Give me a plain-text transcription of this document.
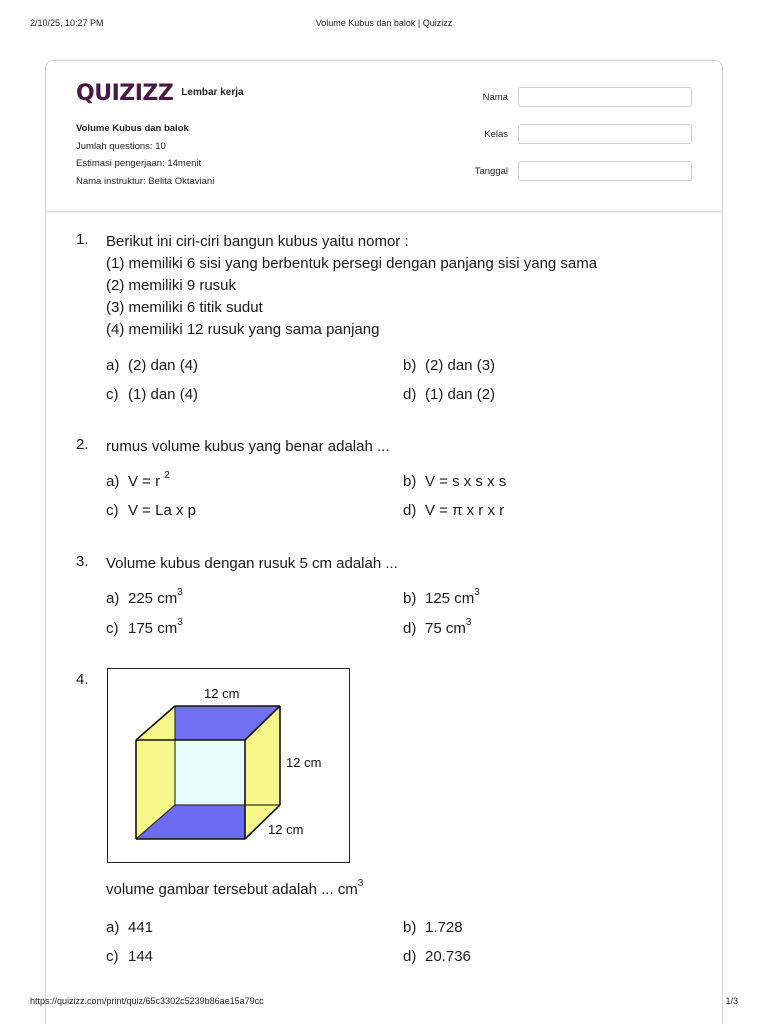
2/10/25, 10:27 PM	Volume Kubus dan balok | Quizizz
QUIZIZZ Lembar kerja
Volume Kubus dan balok
Jumlah questions: 10
Estimasi pengerjaan: 14menit
Nama instruktur: Belita Oktaviani
Nama
Kelas
Tanggal
1. Berikut ini ciri-ciri bangun kubus yaitu nomor :
(1) memiliki 6 sisi yang berbentuk persegi dengan panjang sisi yang sama
(2) memiliki 9 rusuk
(3) memiliki 6 titik sudut
(4) memiliki 12 rusuk yang sama panjang
a) (2) dan (4)	b) (2) dan (3)
c) (1) dan (4)	d) (1) dan (2)
2. rumus volume kubus yang benar adalah ...
a) V = r $^2$	b) V = s x s x s
c) V = La x p	d) V = π x r x r
3. Volume kubus dengan rusuk 5 cm adalah ...
a) 225 $cm^3$	b) 125 $cm^3$
c) 175 $cm^3$	d) 75 $cm^3$
4.
12 cm
12 cm
12 cm
volume gambar tersebut adalah ... $cm^3$
a) 441	b) 1.728
c) 144	d) 20.736
https://quizizz.com/print/quiz/65c3302c5239b86ae15a79cc	1/3
